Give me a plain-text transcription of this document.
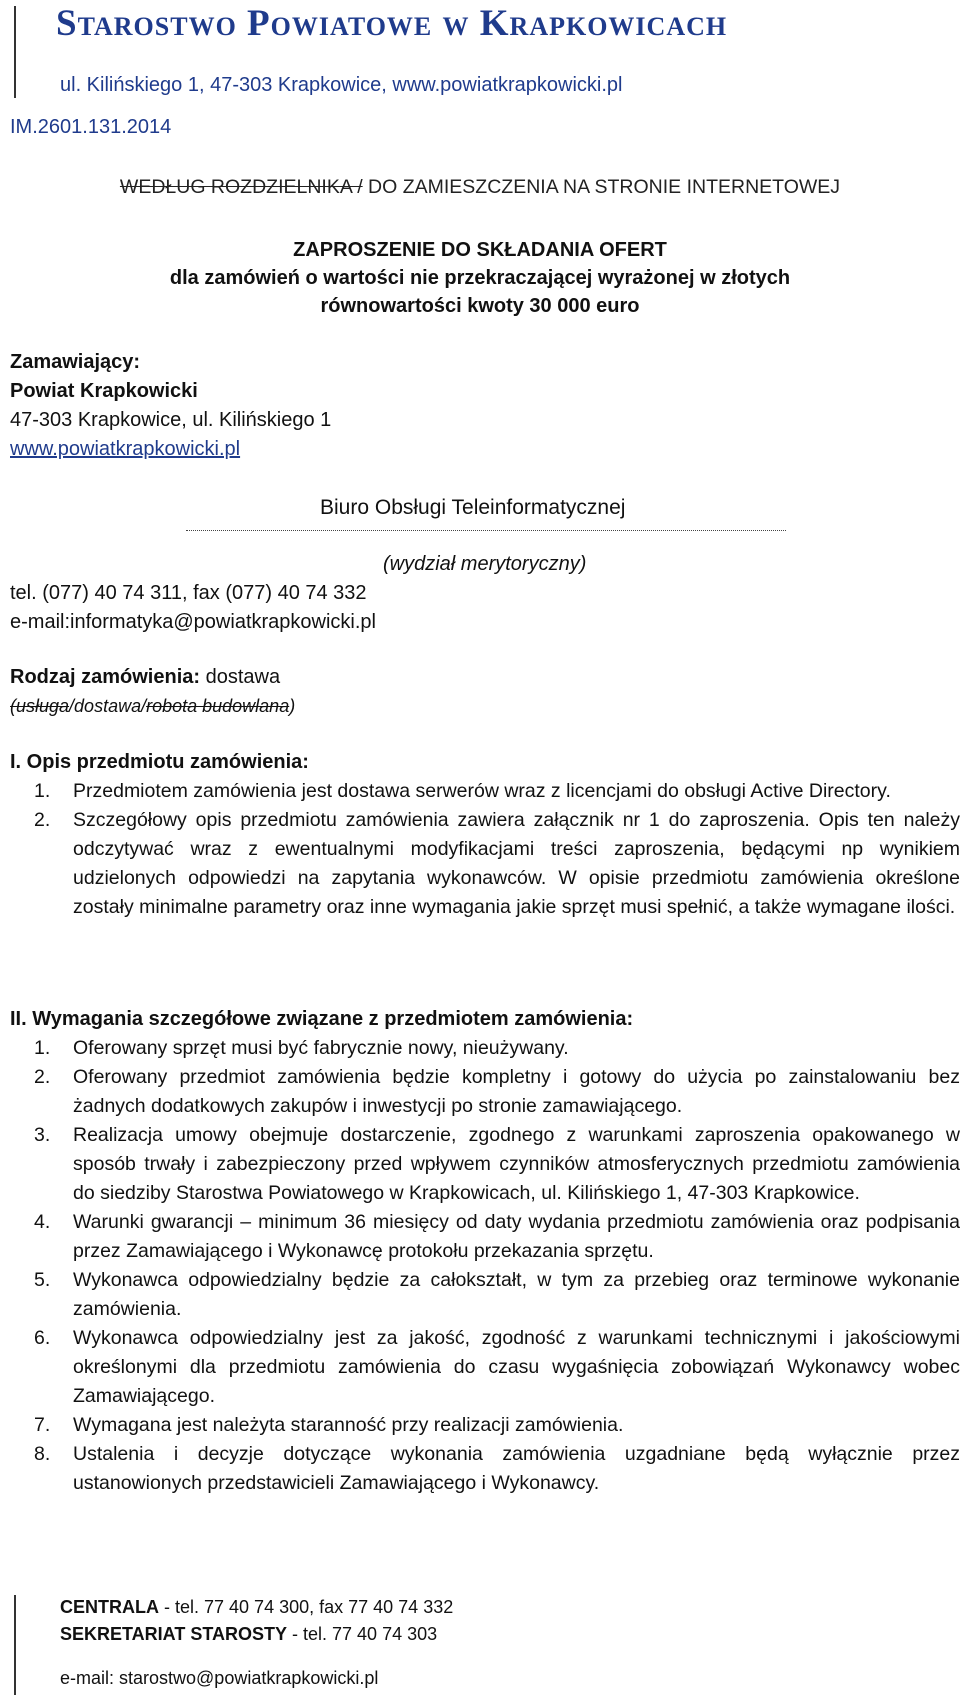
Starostwo Powiatowe w Krapkowicach
ul. Kilińskiego 1, 47-303 Krapkowice, www.powiatkrapkowicki.pl
IM.2601.131.2014
WEDŁUG ROZDZIELNIKA / DO ZAMIESZCZENIA NA STRONIE INTERNETOWEJ
ZAPROSZENIE DO SKŁADANIA OFERT
dla zamówień o wartości nie przekraczającej wyrażonej w złotych
równowartości kwoty 30 000 euro
Zamawiający:
Powiat Krapkowicki
47-303 Krapkowice, ul. Kilińskiego 1
www.powiatkrapkowicki.pl
Biuro Obsługi Teleinformatycznej
(wydział merytoryczny)
tel. (077) 40 74 311, fax (077) 40 74 332
e-mail:informatyka@powiatkrapkowicki.pl
Rodzaj zamówienia: dostawa
(usługa/dostawa/robota budowlana)
I. Opis przedmiotu zamówienia:
1. Przedmiotem zamówienia jest dostawa serwerów wraz z licencjami do obsługi Active Directory.
2. Szczegółowy opis przedmiotu zamówienia zawiera załącznik nr 1 do zaproszenia. Opis ten należy odczytywać wraz z ewentualnymi modyfikacjami treści zaproszenia, będącymi np wynikiem udzielonych odpowiedzi na zapytania wykonawców. W opisie przedmiotu zamówienia określone zostały minimalne parametry oraz inne wymagania jakie sprzęt musi spełnić, a także wymagane ilości.
II. Wymagania szczegółowe związane z przedmiotem zamówienia:
1. Oferowany sprzęt musi być fabrycznie nowy, nieużywany.
2. Oferowany przedmiot zamówienia będzie kompletny i gotowy do użycia po zainstalowaniu bez żadnych dodatkowych zakupów i inwestycji po stronie zamawiającego.
3. Realizacja umowy obejmuje dostarczenie, zgodnego z warunkami zaproszenia opakowanego w sposób trwały i zabezpieczony przed wpływem czynników atmosferycznych przedmiotu zamówienia do siedziby Starostwa Powiatowego w Krapkowicach, ul. Kilińskiego 1, 47-303 Krapkowice.
4. Warunki gwarancji – minimum 36 miesięcy od daty wydania przedmiotu zamówienia oraz podpisania przez Zamawiającego i Wykonawcę protokołu przekazania sprzętu.
5. Wykonawca odpowiedzialny będzie za całokształt, w tym za przebieg oraz terminowe wykonanie zamówienia.
6. Wykonawca odpowiedzialny jest za jakość, zgodność z warunkami technicznymi i jakościowymi określonymi dla przedmiotu zamówienia do czasu wygaśnięcia zobowiązań Wykonawcy wobec Zamawiającego.
7. Wymagana jest należyta staranność przy realizacji zamówienia.
8. Ustalenia i decyzje dotyczące wykonania zamówienia uzgadniane będą wyłącznie przez ustanowionych przedstawicieli Zamawiającego i Wykonawcy.
CENTRALA - tel. 77 40 74 300, fax 77 40 74 332
SEKRETARIAT STAROSTY - tel. 77 40 74 303
e-mail: starostwo@powiatkrapkowicki.pl
